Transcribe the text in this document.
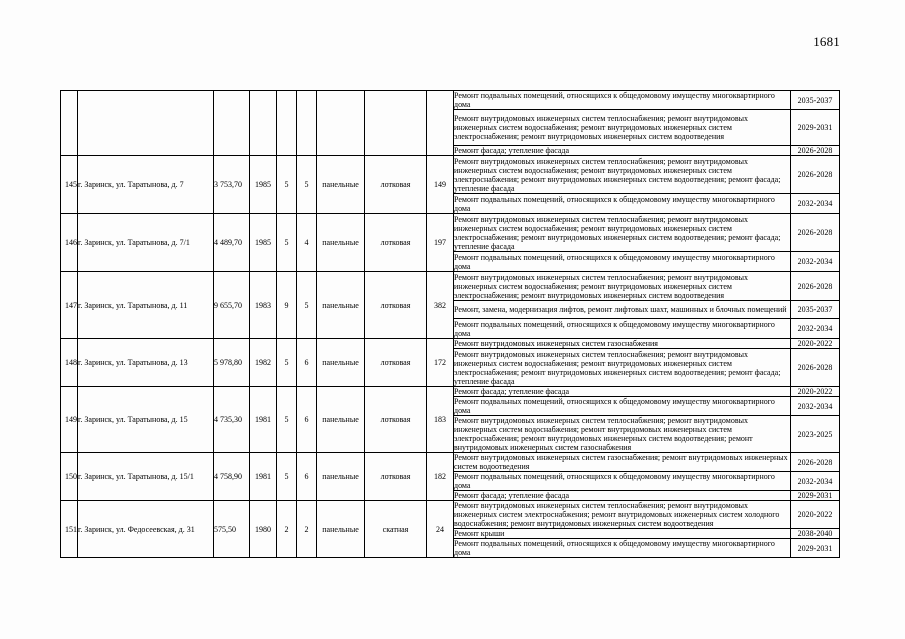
1681
									Ремонт подвальных помещений, относящихся к общедомовому имуществу многоквартирного дома	2035-2037
									Ремонт внутридомовых инженерных систем теплоснабжения; ремонт внутридомовых инженерных систем водоснабжения; ремонт внутридомовых инженерных систем электроснабжения; ремонт внутридомовых инженерных систем водоотведения	2029-2031
									Ремонт фасада; утепление фасада	2026-2028
145	г. Заринск, ул. Таратынова, д. 7	3 753,70	1985	5	5	панельные	лотковая	149	Ремонт внутридомовых инженерных систем теплоснабжения; ремонт внутридомовых инженерных систем водоснабжения; ремонт внутридомовых инженерных систем электроснабжения; ремонт внутридомовых инженерных систем водоотведения; ремонт фасада; утепление фасада	2026-2028
									Ремонт подвальных помещений, относящихся к общедомовому имуществу многоквартирного дома	2032-2034
146	г. Заринск, ул. Таратынова, д. 7/1	4 489,70	1985	5	4	панельные	лотковая	197	Ремонт внутридомовых инженерных систем теплоснабжения; ремонт внутридомовых инженерных систем водоснабжения; ремонт внутридомовых инженерных систем электроснабжения; ремонт внутридомовых инженерных систем водоотведения; ремонт фасада; утепление фасада	2026-2028
									Ремонт подвальных помещений, относящихся к общедомовому имуществу многоквартирного дома	2032-2034
147	г. Заринск, ул. Таратынова, д. 11	9 655,70	1983	9	5	панельные	лотковая	382	Ремонт внутридомовых инженерных систем теплоснабжения; ремонт внутридомовых инженерных систем водоснабжения; ремонт внутридомовых инженерных систем электроснабжения; ремонт внутридомовых инженерных систем водоотведения	2026-2028
									Ремонт, замена, модернизация лифтов, ремонт лифтовых шахт, машинных и блочных помещений	2035-2037
									Ремонт подвальных помещений, относящихся к общедомовому имуществу многоквартирного дома	2032-2034
148	г. Заринск, ул. Таратынова, д. 13	5 978,80	1982	5	6	панельные	лотковая	172	Ремонт внутридомовых инженерных систем газоснабжения	2020-2022
									Ремонт внутридомовых инженерных систем теплоснабжения; ремонт внутридомовых инженерных систем водоснабжения; ремонт внутридомовых инженерных систем электроснабжения; ремонт внутридомовых инженерных систем водоотведения; ремонт фасада; утепление фасада	2026-2028
149	г. Заринск, ул. Таратынова, д. 15	4 735,30	1981	5	6	панельные	лотковая	183	Ремонт фасада; утепление фасада	2020-2022
									Ремонт подвальных помещений, относящихся к общедомовому имуществу многоквартирного дома	2032-2034
									Ремонт внутридомовых инженерных систем теплоснабжения; ремонт внутридомовых инженерных систем водоснабжения; ремонт внутридомовых инженерных систем электроснабжения; ремонт внутридомовых инженерных систем водоотведения; ремонт внутридомовых инженерных систем газоснабжения	2023-2025
150	г. Заринск, ул. Таратынова, д. 15/1	4 758,90	1981	5	6	панельные	лотковая	182	Ремонт внутридомовых инженерных систем газоснабжения; ремонт внутридомовых инженерных систем водоотведения	2026-2028
									Ремонт подвальных помещений, относящихся к общедомовому имуществу многоквартирного дома	2032-2034
									Ремонт фасада; утепление фасада	2029-2031
151	г. Заринск, ул. Федосеевская, д. 31	575,50	1980	2	2	панельные	скатная	24	Ремонт внутридомовых инженерных систем теплоснабжения; ремонт внутридомовых инженерных систем электроснабжения; ремонт внутридомовых инженерных систем холодного водоснабжения; ремонт внутридомовых инженерных систем водоотведения	2020-2022
									Ремонт крыши	2038-2040
									Ремонт подвальных помещений, относящихся к общедомовому имуществу многоквартирного дома	2029-2031
